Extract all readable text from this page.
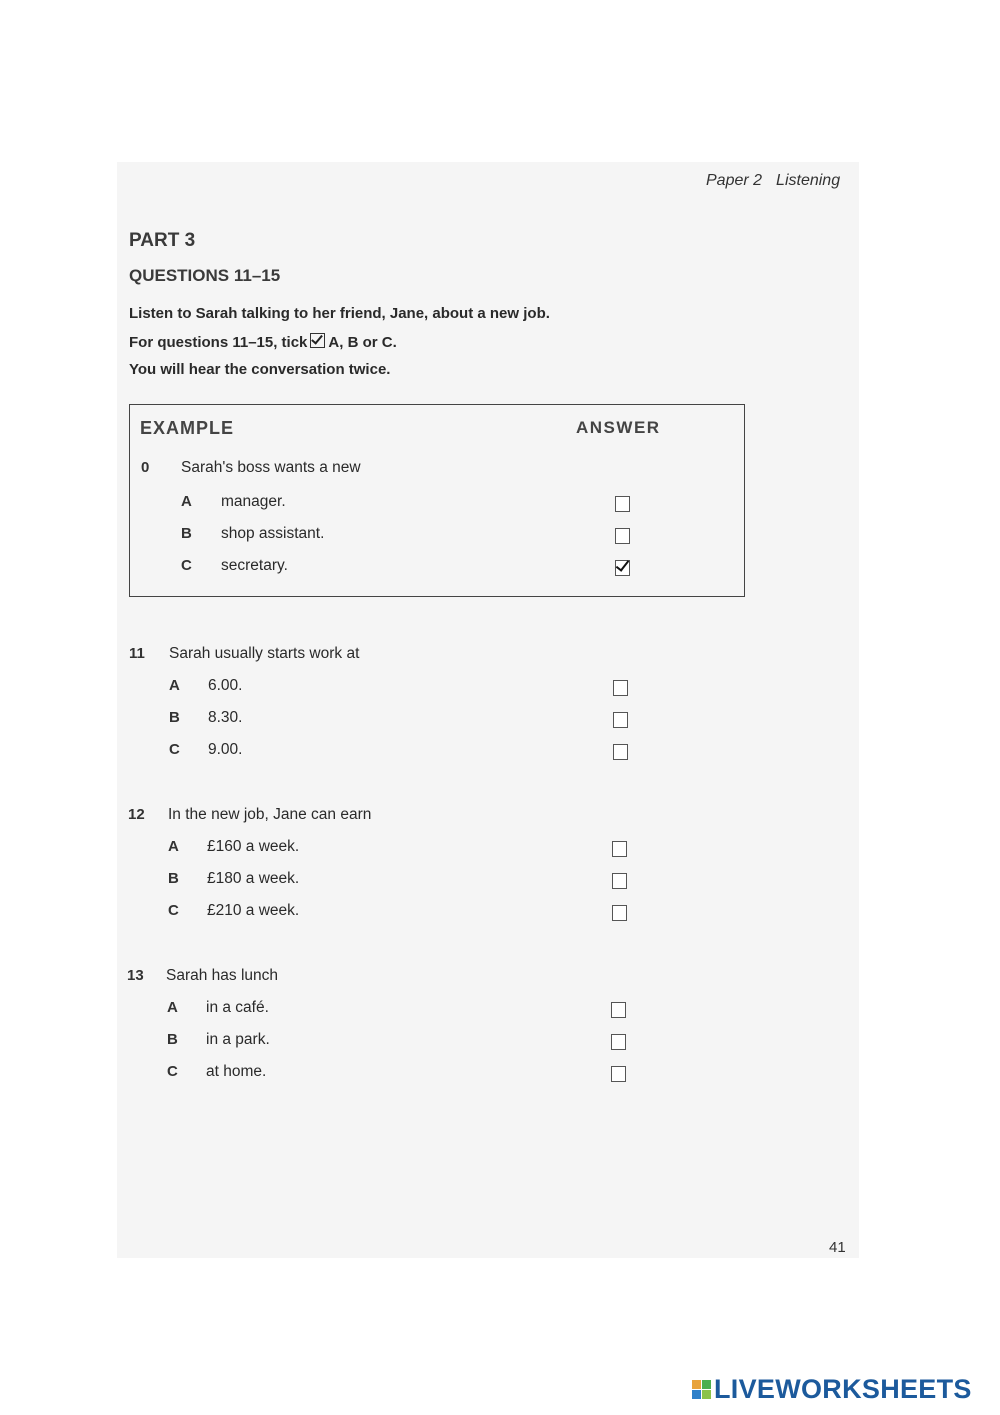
Paper 2 Listening
PART 3
QUESTIONS 11–15
Listen to Sarah talking to her friend, Jane, about a new job.
For questions 11–15, tick A, B or C.
You will hear the conversation twice.
EXAMPLE	ANSWER
0 Sarah's boss wants a new
A manager.
B shop assistant.
C secretary.
11 Sarah usually starts work at
A 6.00.
B 8.30.
C 9.00.
12 In the new job, Jane can earn
A £160 a week.
B £180 a week.
C £210 a week.
13 Sarah has lunch
A in a café.
B in a park.
C at home.
41
LIVEWORKSHEETS
